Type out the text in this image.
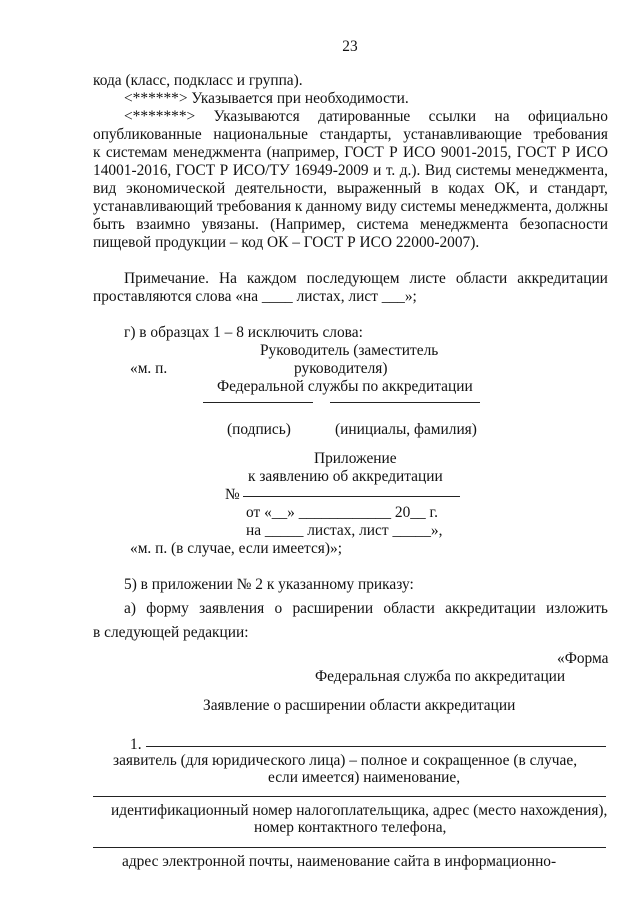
23
кода (класс, подкласс и группа).
<******> Указывается при необходимости.
<*******> Указываются датированные ссылки на официально
опубликованные национальные стандарты, устанавливающие требования
к системам менеджмента (например, ГОСТ Р ИСО 9001-2015, ГОСТ Р ИСО
14001-2016, ГОСТ Р ИСО/ТУ 16949-2009 и т. д.). Вид системы менеджмента,
вид экономической деятельности, выраженный в кодах ОК, и стандарт,
устанавливающий требования к данному виду системы менеджмента, должны
быть взаимно увязаны. (Например, система менеджмента безопасности
пищевой продукции – код ОК – ГОСТ Р ИСО 22000-2007).
Примечание. На каждом последующем листе области аккредитации
проставляются слова «на ____ листах, лист ___»;
г) в образцах 1 – 8 исключить слова:
Руководитель (заместитель
«м. п.	руководителя)
Федеральной службы по аккредитации
(подпись)	(инициалы, фамилия)
Приложение
к заявлению об аккредитации
№
от «__» ____________ 20__ г.
на _____ листах, лист _____»,
«м. п. (в случае, если имеется)»;
5) в приложении № 2 к указанному приказу:
а) форму заявления о расширении области аккредитации изложить
в следующей редакции:
«Форма
Федеральная служба по аккредитации
Заявление о расширении области аккредитации
1.
заявитель (для юридического лица) – полное и сокращенное (в случае,
если имеется) наименование,
идентификационный номер налогоплательщика, адрес (место нахождения),
номер контактного телефона,
адрес электронной почты, наименование сайта в информационно-
